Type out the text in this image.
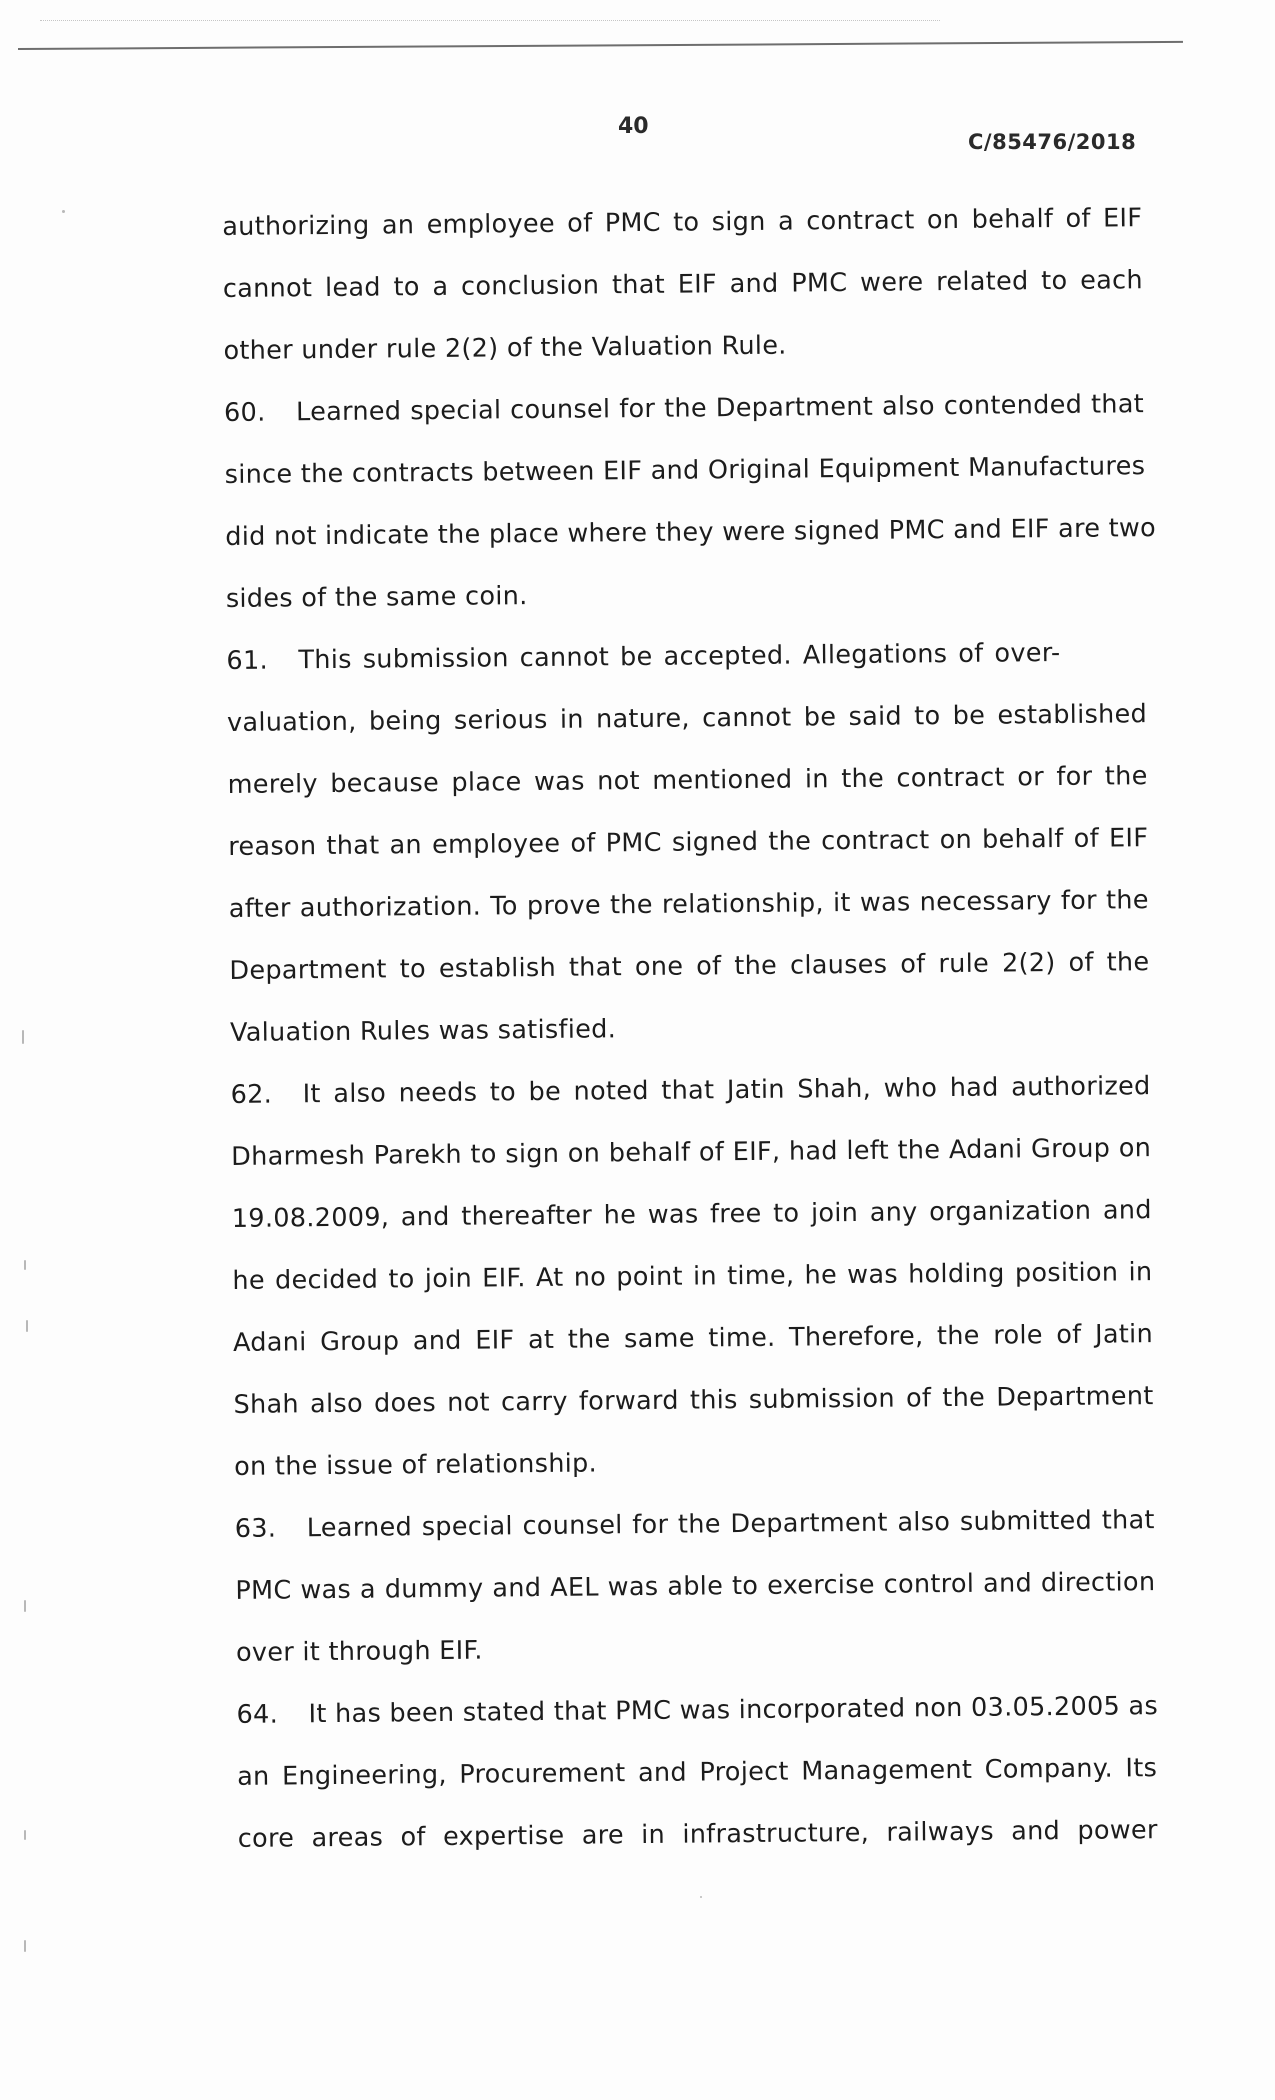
40
C/85476/2018
authorizing an employee of PMC to sign a contract on behalf of EIF
cannot lead to a conclusion that EIF and PMC were related to each
other under rule 2(2) of the Valuation Rule.
60. Learned special counsel for the Department also contended that
since the contracts between EIF and Original Equipment Manufactures
did not indicate the place where they were signed PMC and EIF are two
sides of the same coin.
61. This submission cannot be accepted. Allegations of over-
valuation, being serious in nature, cannot be said to be established
merely because place was not mentioned in the contract or for the
reason that an employee of PMC signed the contract on behalf of EIF
after authorization. To prove the relationship, it was necessary for the
Department to establish that one of the clauses of rule 2(2) of the
Valuation Rules was satisfied.
62. It also needs to be noted that Jatin Shah, who had authorized
Dharmesh Parekh to sign on behalf of EIF, had left the Adani Group on
19.08.2009, and thereafter he was free to join any organization and
he decided to join EIF. At no point in time, he was holding position in
Adani Group and EIF at the same time. Therefore, the role of Jatin
Shah also does not carry forward this submission of the Department
on the issue of relationship.
63. Learned special counsel for the Department also submitted that
PMC was a dummy and AEL was able to exercise control and direction
over it through EIF.
64. It has been stated that PMC was incorporated non 03.05.2005 as
an Engineering, Procurement and Project Management Company. Its
core areas of expertise are in infrastructure, railways and power
